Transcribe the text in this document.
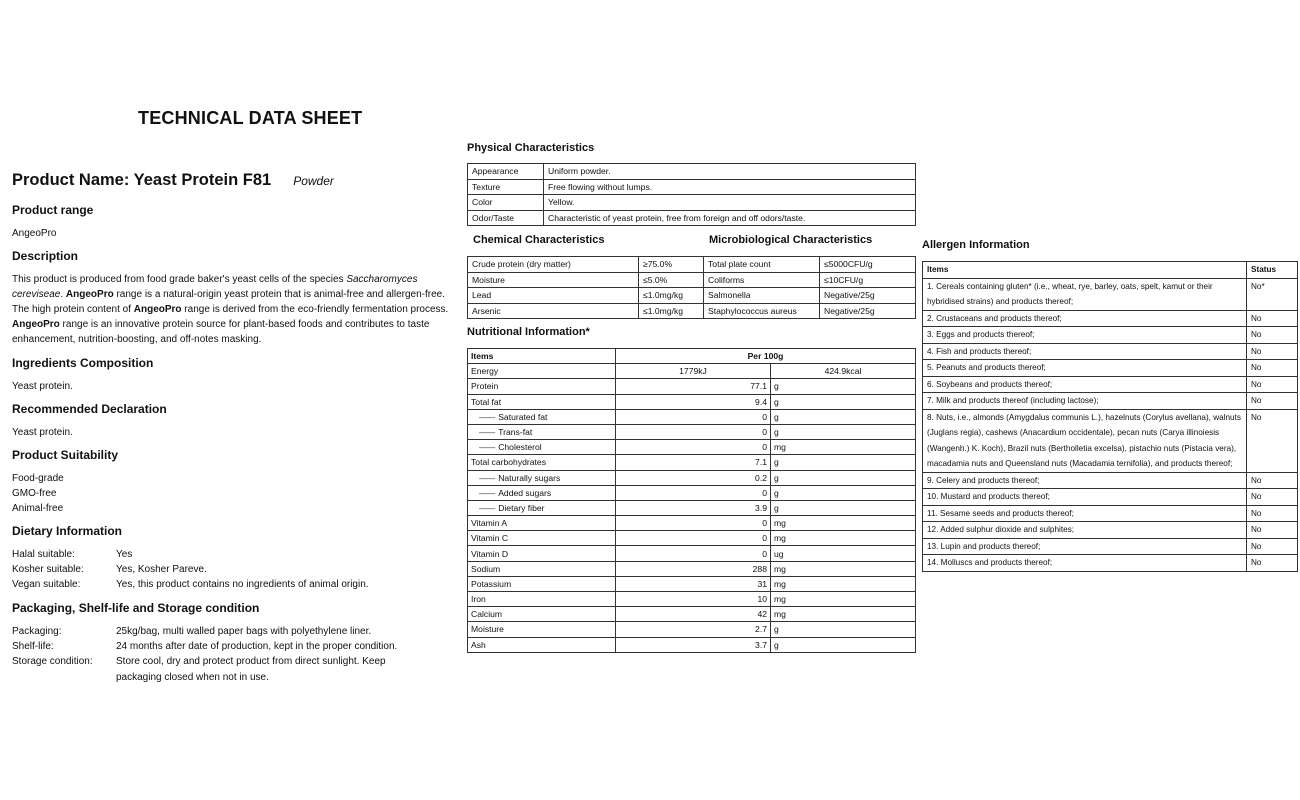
TECHNICAL DATA SHEET
Product Name: Yeast Protein F81 Powder

Product range

AngeoPro

Description

This product is produced from food grade baker's yeast cells of the species Saccharomyces cereviseae. AngeoPro range is a natural-origin yeast protein that is animal-free and allergen-free. The high protein content of AngeoPro range is derived from the eco-friendly fermentation process. AngeoPro range is an innovative protein source for plant-based foods and contributes to taste enhancement, nutrition-boosting, and off-notes masking.

Ingredients Composition

Yeast protein.

Recommended Declaration

Yeast protein.

Product Suitability

Food-grade

GMO-free

Animal-free

Dietary Information

Halal suitable:	Yes
Kosher suitable:	Yes, Kosher Pareve.
Vegan suitable:	Yes, this product contains no ingredients of animal origin.

Packaging, Shelf-life and Storage condition

Packaging:	25kg/bag, multi walled paper bags with polyethylene liner.
Shelf-life:	24 months after date of production, kept in the proper condition.
Storage condition:	Store cool, dry and protect product from direct sunlight. Keep packaging closed when not in use.
Physical Characteristics
Appearance	Uniform powder.
Texture	Free flowing without lumps.
Color	Yellow.
Odor/Taste	Characteristic of yeast protein, free from foreign and off odors/taste.
Chemical Characteristics	Microbiological Characteristics
Crude protein (dry matter)	≥75.0%	Total plate count	≤5000CFU/g
Moisture	≤5.0%	Coliforms	≤10CFU/g
Lead	≤1.0mg/kg	Salmonella	Negative/25g
Arsenic	≤1.0mg/kg	Staphylococcus aureus	Negative/25g
Nutritional Information*
Items	Per 100g	
Energy	1779kJ	424.9kcal
Protein	77.1	g
Total fat	9.4	g
—— Saturated fat	0	g
—— Trans-fat	0	g
—— Cholesterol	0	mg
Total carbohydrates	7.1	g
—— Naturally sugars	0.2	g
—— Added sugars	0	g
—— Dietary fiber	3.9	g
Vitamin A	0	mg
Vitamin C	0	mg
Vitamin D	0	ug
Sodium	288	mg
Potassium	31	mg
Iron	10	mg
Calcium	42	mg
Moisture	2.7	g
Ash	3.7	g
Allergen Information
Items	Status
1. Cereals containing gluten* (i.e., wheat, rye, barley, oats, spelt, kamut or their hybridised strains) and products thereof;	No*
2. Crustaceans and products thereof;	No
3. Eggs and products thereof;	No
4. Fish and products thereof;	No
5. Peanuts and products thereof;	No
6. Soybeans and products thereof;	No
7. Milk and products thereof (including lactose);	No
8. Nuts, i.e., almonds (Amygdalus communis L.), hazelnuts (Corylus avellana), walnuts (Juglans regia), cashews (Anacardium occidentale), pecan nuts (Carya illinoiesis (Wangenh.) K. Koch), Brazil nuts (Bertholletia excelsa), pistachio nuts (Pistacia vera), macadamia nuts and Queensland nuts (Macadamia ternifolia), and products thereof;	No
9. Celery and products thereof;	No
10. Mustard and products thereof;	No
11. Sesame seeds and products thereof;	No
12. Added sulphur dioxide and sulphites;	No
13. Lupin and products thereof;	No
14. Molluscs and products thereof;	No
